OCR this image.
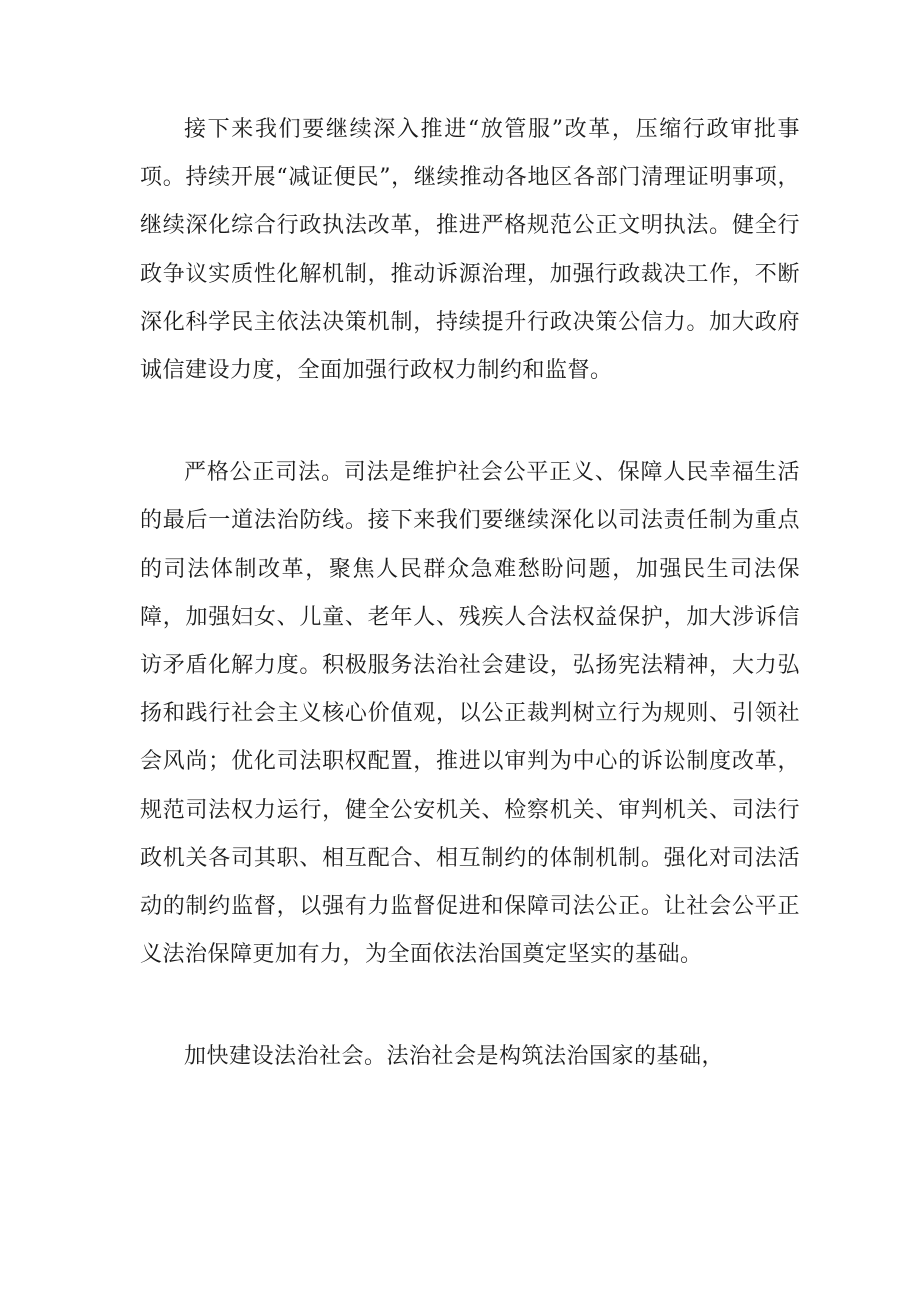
接下来我们要继续深入推进“放管服”改革，压缩行政审批事项。持续开展“减证便民”，继续推动各地区各部门清理证明事项，继续深化综合行政执法改革，推进严格规范公正文明执法。健全行政争议实质性化解机制，推动诉源治理，加强行政裁决工作，不断深化科学民主依法决策机制，持续提升行政决策公信力。加大政府诚信建设力度，全面加强行政权力制约和监督。

严格公正司法。司法是维护社会公平正义、保障人民幸福生活的最后一道法治防线。接下来我们要继续深化以司法责任制为重点的司法体制改革，聚焦人民群众急难愁盼问题，加强民生司法保障，加强妇女、儿童、老年人、残疾人合法权益保护，加大涉诉信访矛盾化解力度。积极服务法治社会建设，弘扬宪法精神，大力弘扬和践行社会主义核心价值观，以公正裁判树立行为规则、引领社会风尚；优化司法职权配置，推进以审判为中心的诉讼制度改革，规范司法权力运行，健全公安机关、检察机关、审判机关、司法行政机关各司其职、相互配合、相互制约的体制机制。强化对司法活动的制约监督，以强有力监督促进和保障司法公正。让社会公平正义法治保障更加有力，为全面依法治国奠定坚实的基础。

加快建设法治社会。法治社会是构筑法治国家的基础，
